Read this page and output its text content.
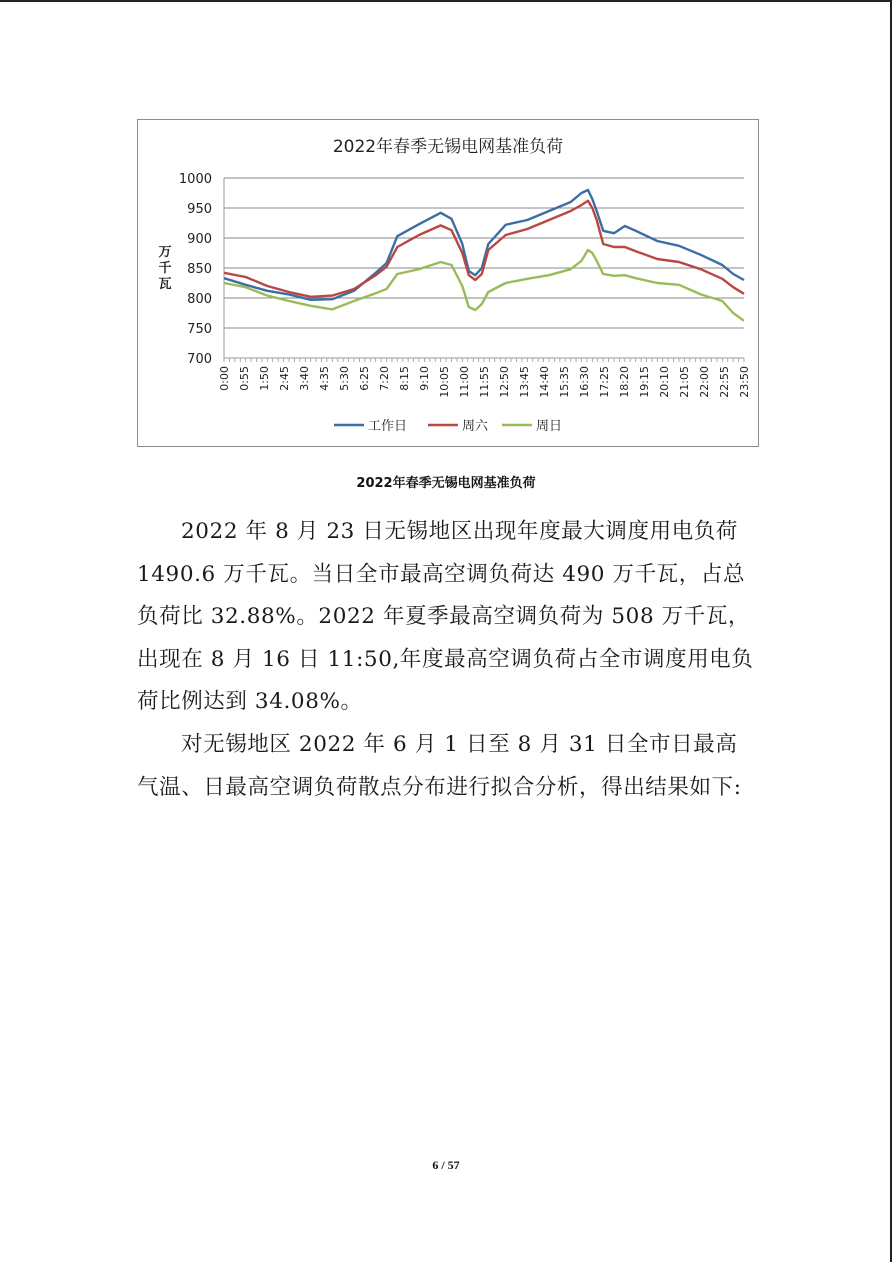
2022年春季无锡电网基准负荷
700
750
800
850
900
950
1000
0:00 0:55 1:50 2:45 3:40 4:35 5:30 6:25 7:20 8:15 9:10 10:05 11:00 11:55 12:50 13:45 14:40 15:35 16:30 17:25 18:20 19:15 20:10 21:05 22:00 22:55 23:50
万
千
瓦
工作日	周六	周日
2022年春季无锡电网基准负荷

2022 年 8 月 23 日无锡地区出现年度最大调度用电负荷 1490.6 万千瓦。当日全市最高空调负荷达 490 万千瓦，占总负荷比 32.88%。2022 年夏季最高空调负荷为 508 万千瓦，出现在 8 月 16 日 11:50,年度最高空调负荷占全市调度用电负荷比例达到 34.08%。

对无锡地区 2022 年 6 月 1 日至 8 月 31 日全市日最高气温、日最高空调负荷散点分布进行拟合分析，得出结果如下:

6 / 57
